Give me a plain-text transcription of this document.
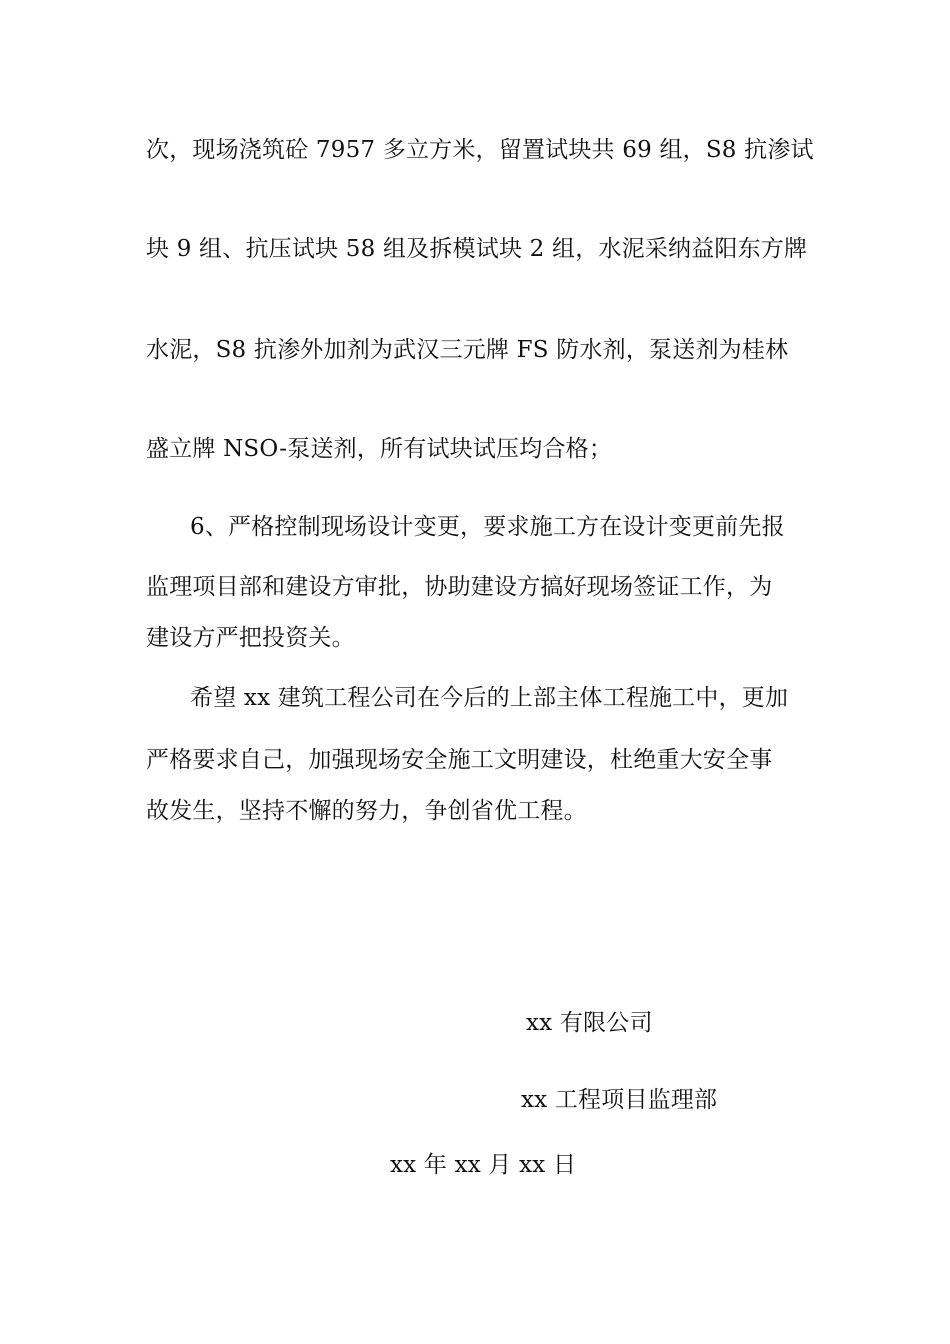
次，现场浇筑砼 7957 多立方米，留置试块共 69 组，S8 抗渗试
块 9 组、抗压试块 58 组及拆模试块 2 组，水泥采纳益阳东方牌
水泥，S8 抗渗外加剂为武汉三元牌 FS 防水剂，泵送剂为桂林
盛立牌 NSO-泵送剂，所有试块试压均合格；
6、严格控制现场设计变更，要求施工方在设计变更前先报
监理项目部和建设方审批，协助建设方搞好现场签证工作，为
建设方严把投资关。
希望 xx 建筑工程公司在今后的上部主体工程施工中，更加
严格要求自己，加强现场安全施工文明建设，杜绝重大安全事
故发生，坚持不懈的努力，争创省优工程。
xx 有限公司
xx 工程项目监理部
xx 年 xx 月 xx 日
